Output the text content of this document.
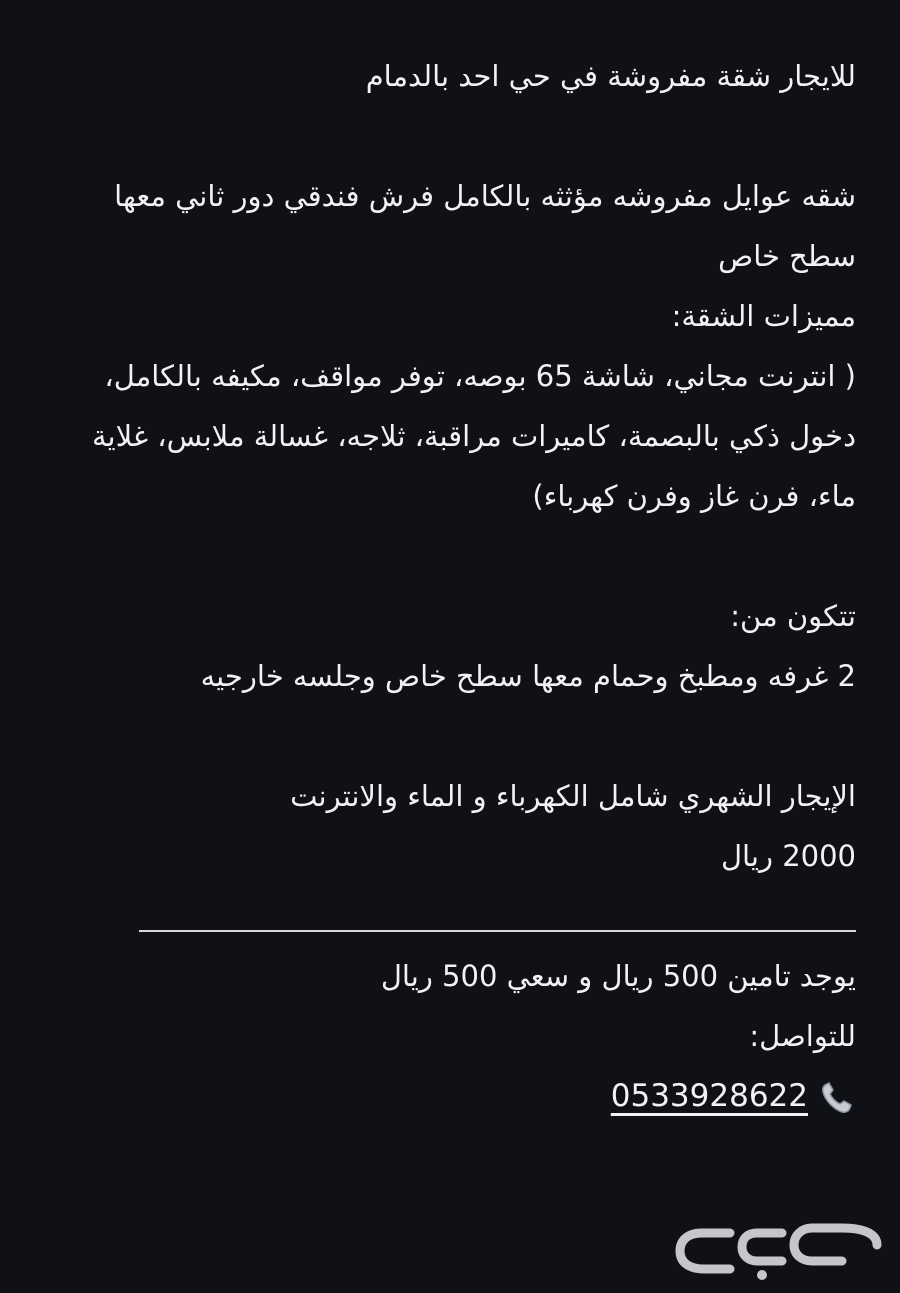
للايجار شقة مفروشة في حي احد بالدمام
شقه عوايل مفروشه مؤثثه بالكامل فرش فندقي دور ثاني معها
سطح خاص
مميزات الشقة:
( انترنت مجاني، شاشة 65 بوصه، توفر مواقف، مكيفه بالكامل،
دخول ذكي بالبصمة، كاميرات مراقبة، ثلاجه، غسالة ملابس، غلاية
ماء، فرن غاز وفرن كهرباء)
تتكون من:
2 غرفه ومطبخ وحمام معها سطح خاص وجلسه خارجيه
الإيجار الشهري شامل الكهرباء و الماء والانترنت
2000 ريال
يوجد تامين 500 ريال و سعي 500 ريال
للتواصل:
0533928622
